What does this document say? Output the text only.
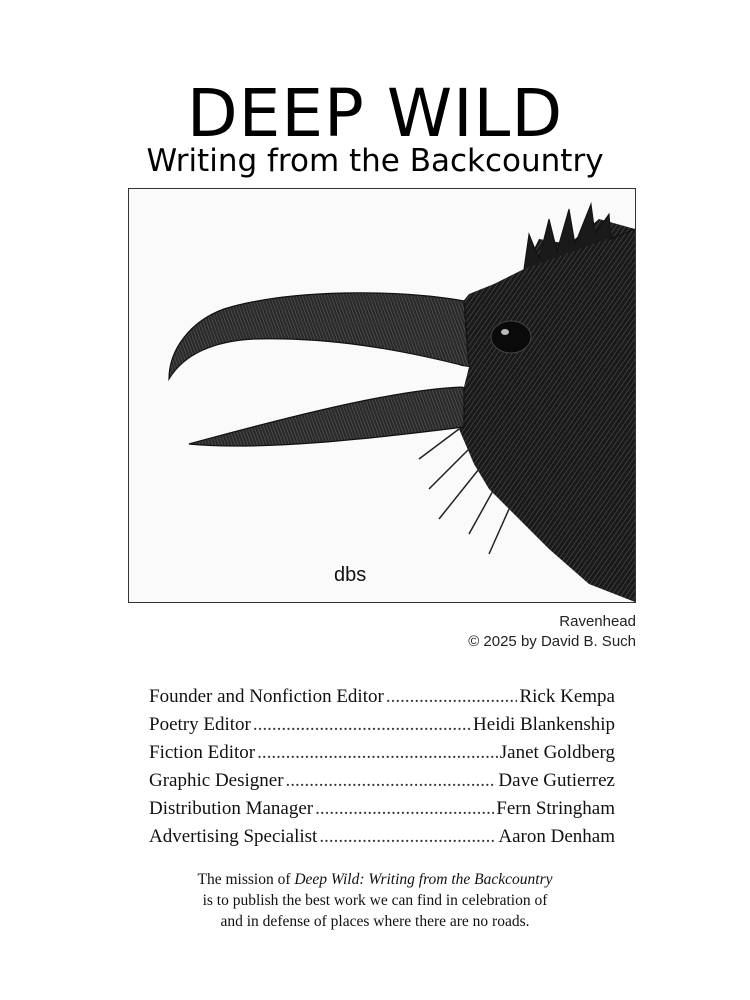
DEEP WILD
Writing from the Backcountry
dbs
Ravenhead
© 2025 by David B. Such
Founder and Nonfiction Editor .....	Rick Kempa
Poetry Editor .....	Heidi Blankenship
Fiction Editor .....	Janet Goldberg
Graphic Designer .....	Dave Gutierrez
Distribution Manager .....	Fern Stringham
Advertising Specialist .....	Aaron Denham
The mission of Deep Wild: Writing from the Backcountry
is to publish the best work we can find in celebration of
and in defense of places where there are no roads.
